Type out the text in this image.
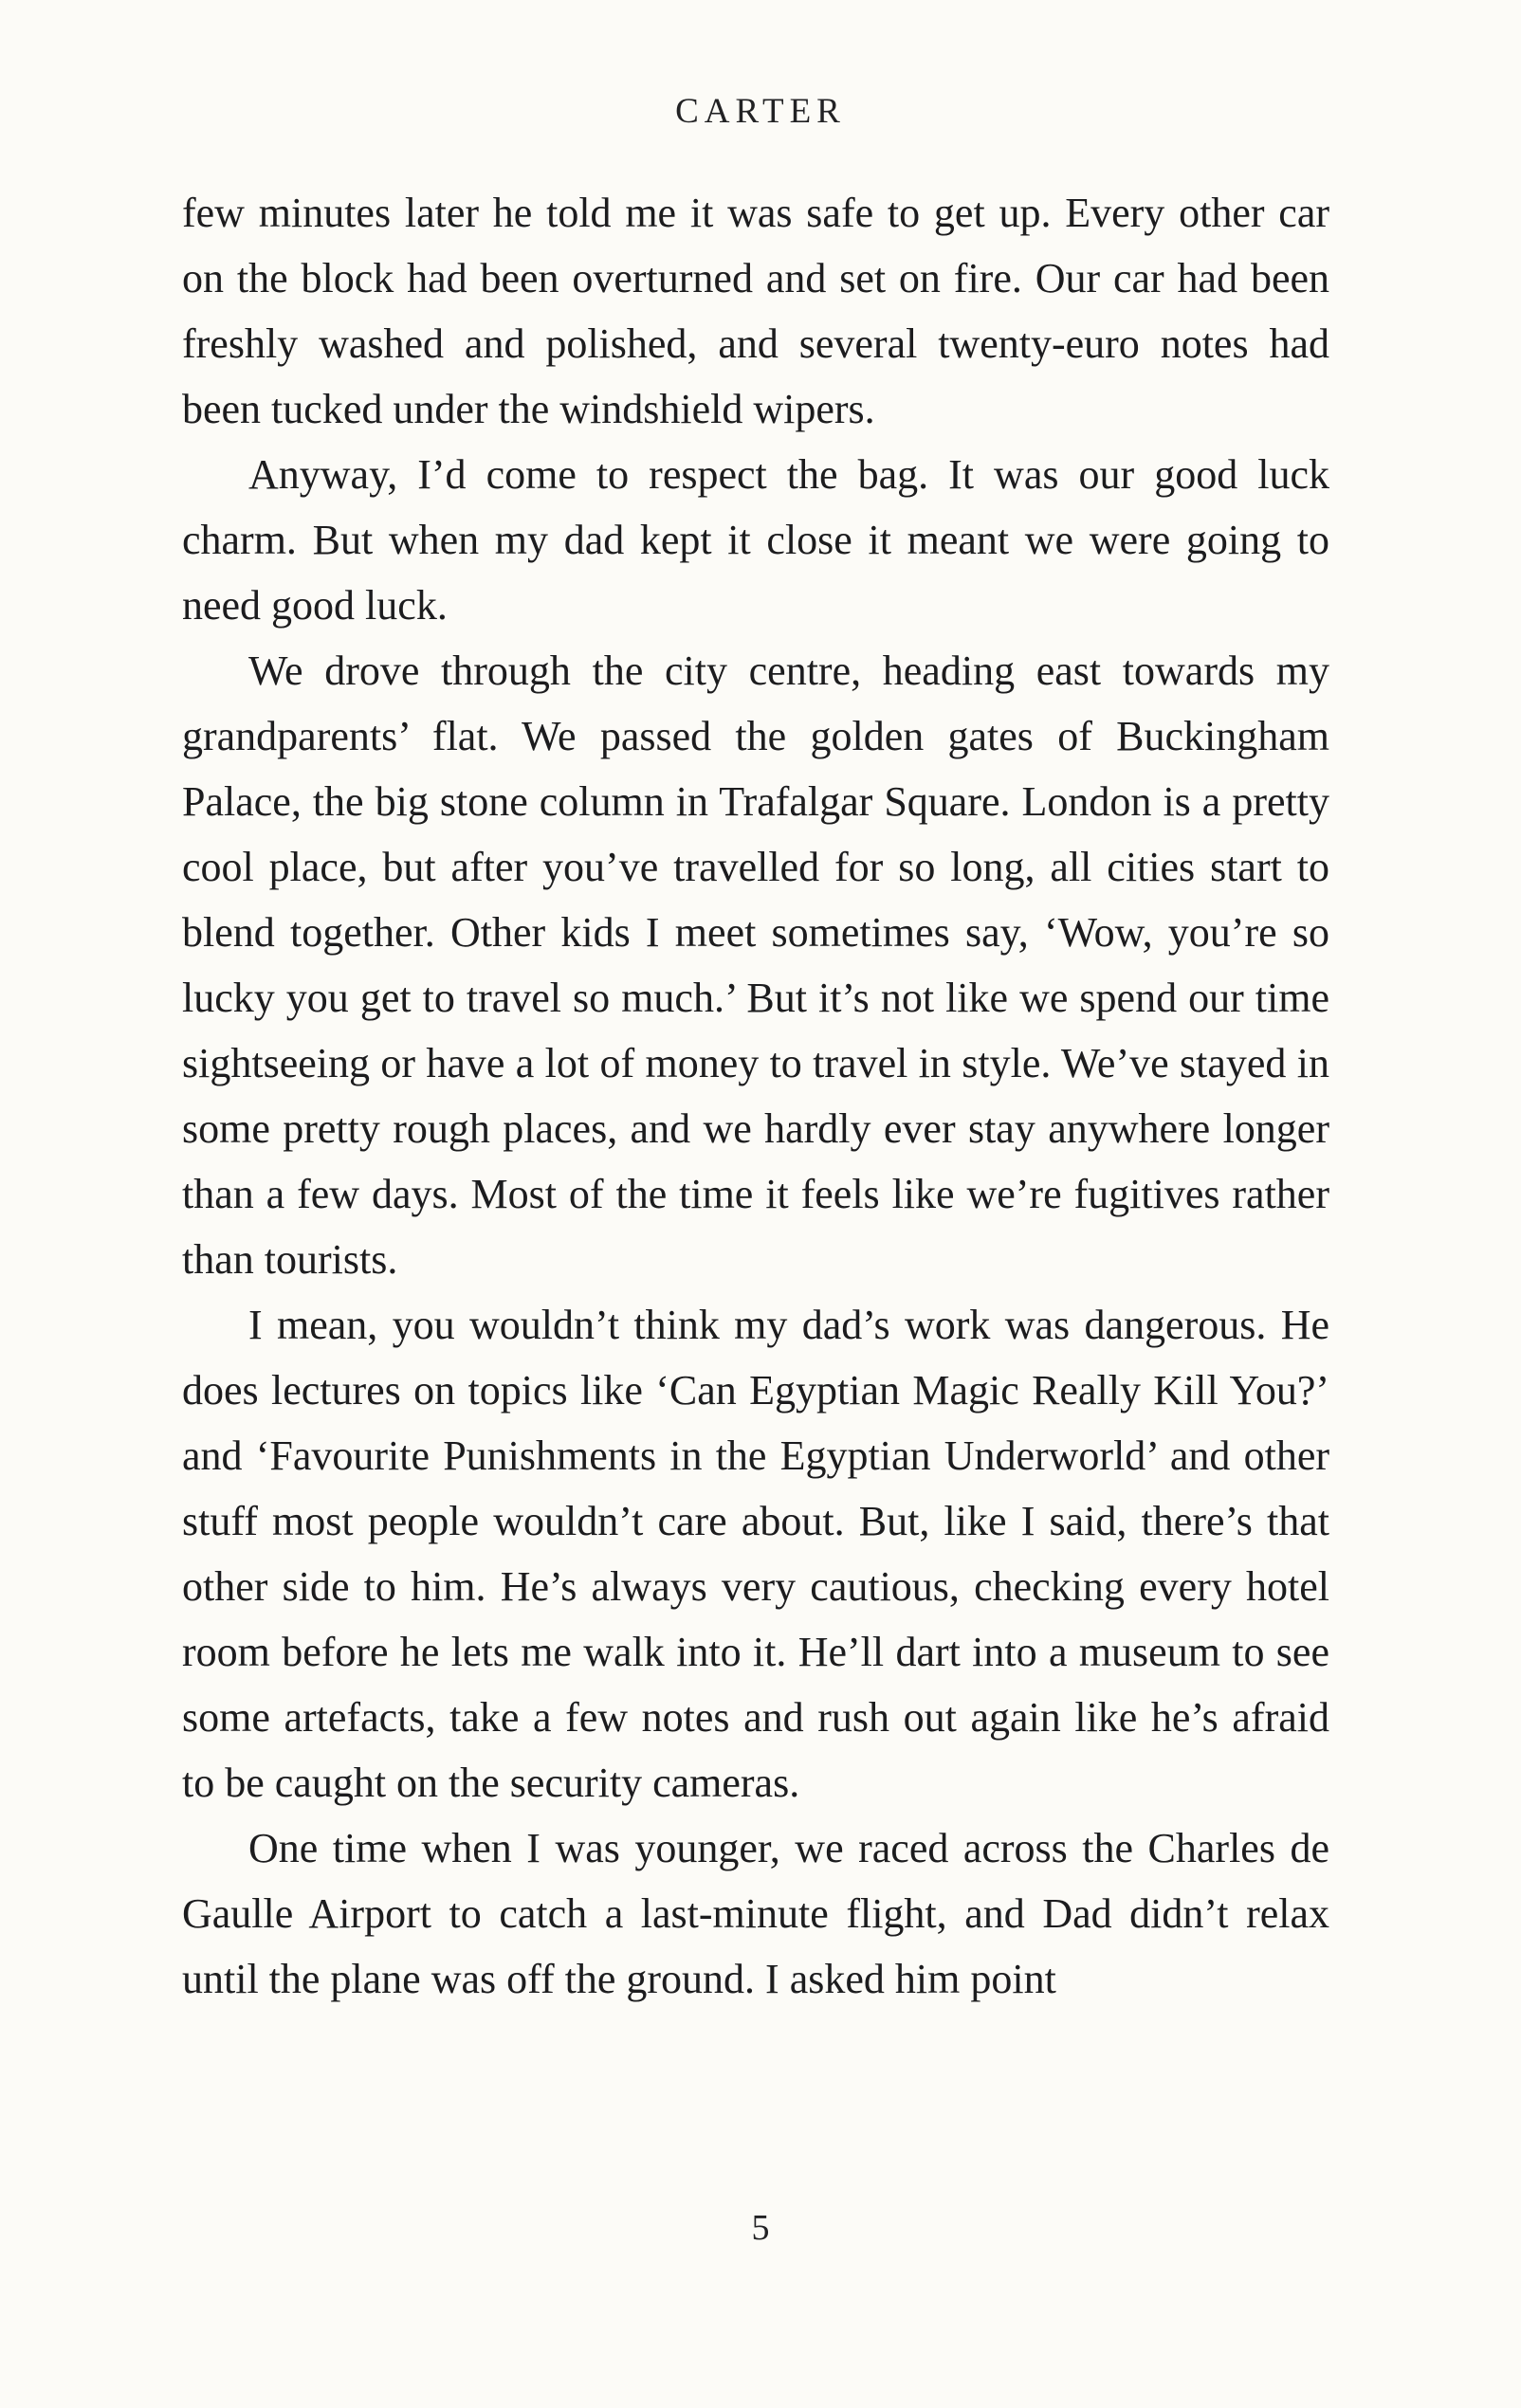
CARTER

few minutes later he told me it was safe to get up. Every other car on the block had been overturned and set on fire. Our car had been freshly washed and polished, and several twenty-euro notes had been tucked under the windshield wipers.

Anyway, I’d come to respect the bag. It was our good luck charm. But when my dad kept it close it meant we were going to need good luck.

We drove through the city centre, heading east towards my grandparents’ flat. We passed the golden gates of Buckingham Palace, the big stone column in Trafalgar Square. London is a pretty cool place, but after you’ve travelled for so long, all cities start to blend together. Other kids I meet sometimes say, ‘Wow, you’re so lucky you get to travel so much.’ But it’s not like we spend our time sightseeing or have a lot of money to travel in style. We’ve stayed in some pretty rough places, and we hardly ever stay anywhere longer than a few days. Most of the time it feels like we’re fugitives rather than tourists.

I mean, you wouldn’t think my dad’s work was dangerous. He does lectures on topics like ‘Can Egyptian Magic Really Kill You?’ and ‘Favourite Punishments in the Egyptian Underworld’ and other stuff most people wouldn’t care about. But, like I said, there’s that other side to him. He’s always very cautious, checking every hotel room before he lets me walk into it. He’ll dart into a museum to see some artefacts, take a few notes and rush out again like he’s afraid to be caught on the security cameras.

One time when I was younger, we raced across the Charles de Gaulle Airport to catch a last-minute flight, and Dad didn’t relax until the plane was off the ground. I asked him point

5
